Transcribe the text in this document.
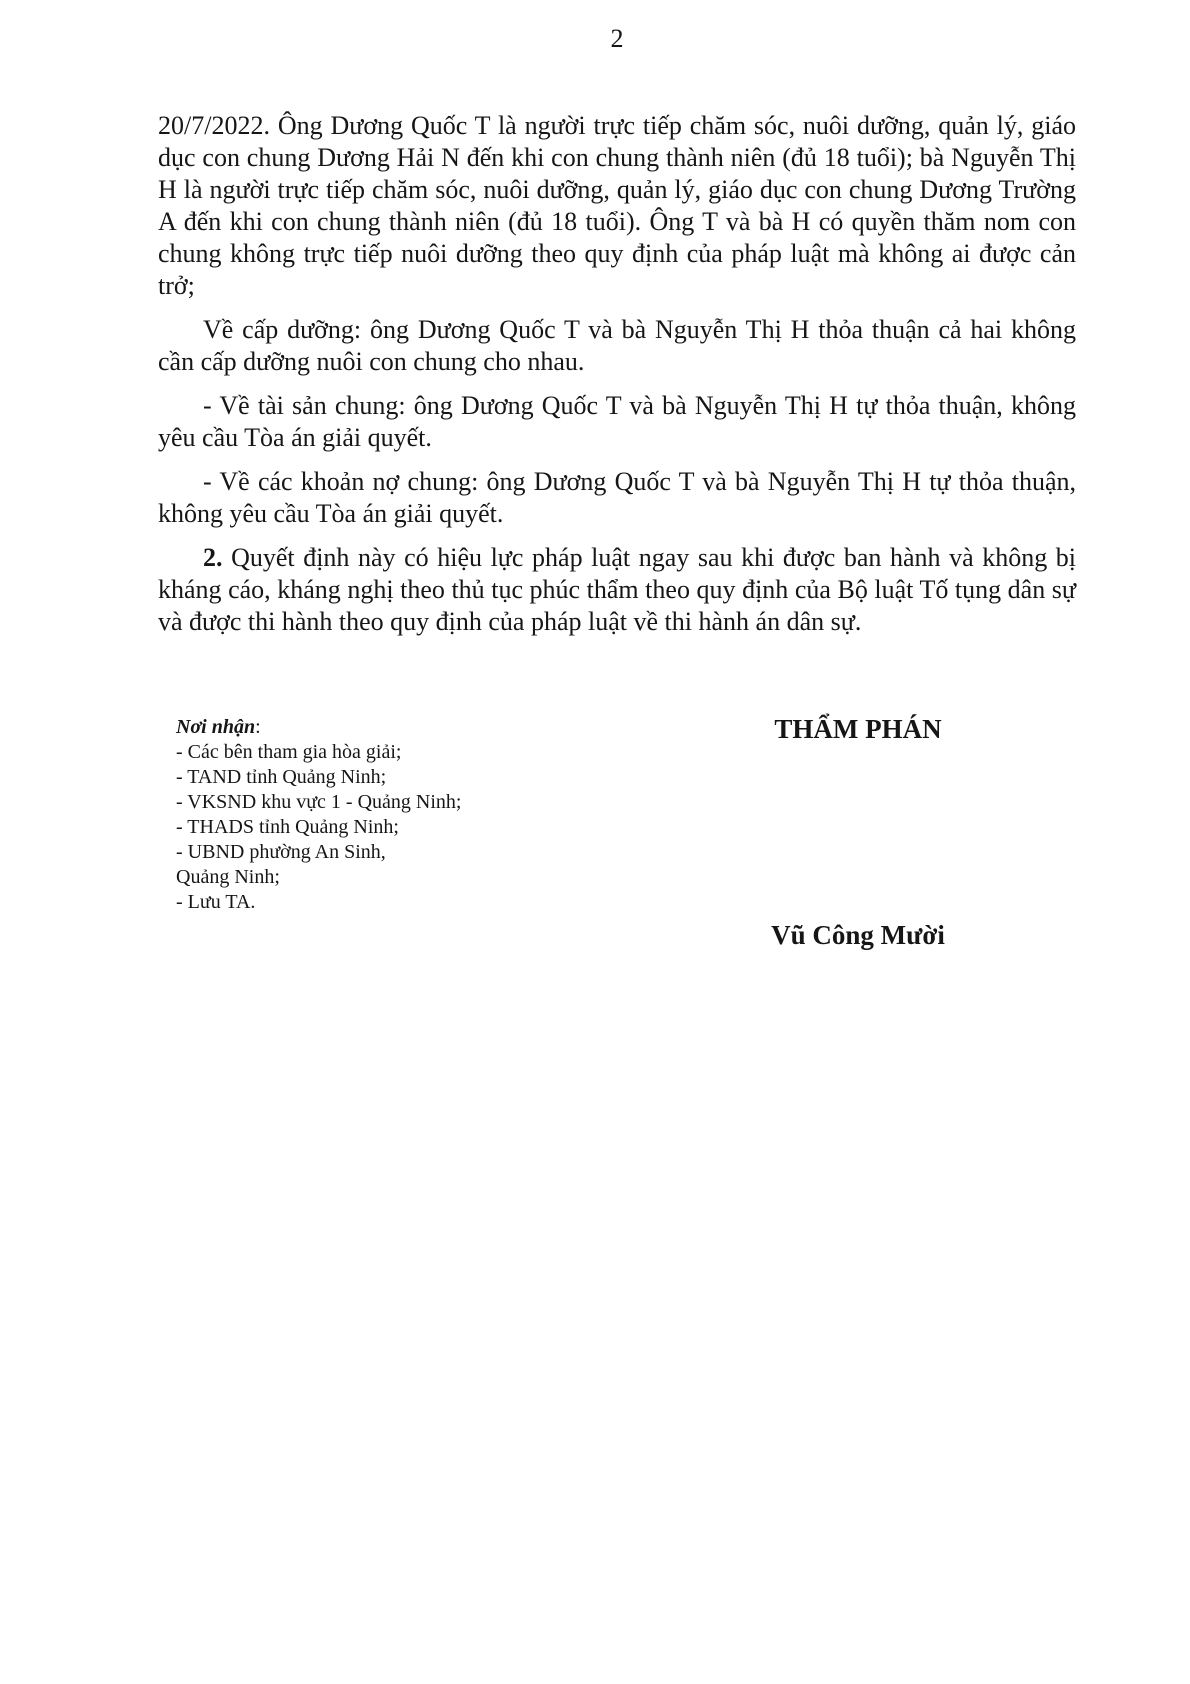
2

20/7/2022. Ông Dương Quốc T là người trực tiếp chăm sóc, nuôi dưỡng, quản lý, giáo dục con chung Dương Hải N đến khi con chung thành niên (đủ 18 tuổi); bà Nguyễn Thị H là người trực tiếp chăm sóc, nuôi dưỡng, quản lý, giáo dục con chung Dương Trường A đến khi con chung thành niên (đủ 18 tuổi). Ông T và bà H có quyền thăm nom con chung không trực tiếp nuôi dưỡng theo quy định của pháp luật mà không ai được cản trở;

Về cấp dưỡng: ông Dương Quốc T và bà Nguyễn Thị H thỏa thuận cả hai không cần cấp dưỡng nuôi con chung cho nhau.

- Về tài sản chung: ông Dương Quốc T và bà Nguyễn Thị H tự thỏa thuận, không yêu cầu Tòa án giải quyết.

- Về các khoản nợ chung: ông Dương Quốc T và bà Nguyễn Thị H tự thỏa thuận, không yêu cầu Tòa án giải quyết.

2. Quyết định này có hiệu lực pháp luật ngay sau khi được ban hành và không bị kháng cáo, kháng nghị theo thủ tục phúc thẩm theo quy định của Bộ luật Tố tụng dân sự và được thi hành theo quy định của pháp luật về thi hành án dân sự.

Nơi nhận:
- Các bên tham gia hòa giải;
- TAND tỉnh Quảng Ninh;
- VKSND khu vực 1 - Quảng Ninh;
- THADS tỉnh Quảng Ninh;
- UBND phường An Sinh,
Quảng Ninh;
- Lưu TA.
THẨM PHÁN
Vũ Công Mười
